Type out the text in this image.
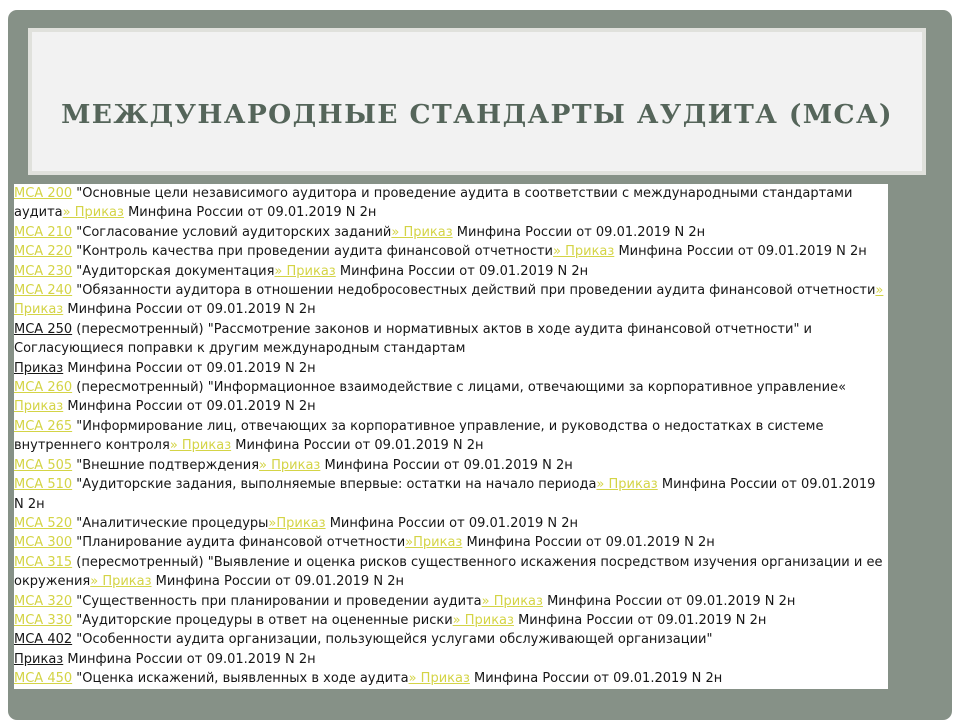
МЕЖДУНАРОДНЫЕ СТАНДАРТЫ АУДИТА (МСА)
МСА 200 "Основные цели независимого аудитора и проведение аудита в соответствии с международными стандартами аудита» Приказ Минфина России от 09.01.2019 N 2н
МСА 210 "Согласование условий аудиторских заданий» Приказ Минфина России от 09.01.2019 N 2н
МСА 220 "Контроль качества при проведении аудита финансовой отчетности» Приказ Минфина России от 09.01.2019 N 2н
МСА 230 "Аудиторская документация» Приказ Минфина России от 09.01.2019 N 2н
МСА 240 "Обязанности аудитора в отношении недобросовестных действий при проведении аудита финансовой отчетности» Приказ Минфина России от 09.01.2019 N 2н
МСА 250 (пересмотренный) "Рассмотрение законов и нормативных актов в ходе аудита финансовой отчетности" и Согласующиеся поправки к другим международным стандартам
Приказ Минфина России от 09.01.2019 N 2н
МСА 260 (пересмотренный) "Информационное взаимодействие с лицами, отвечающими за корпоративное управление« Приказ Минфина России от 09.01.2019 N 2н
МСА 265 "Информирование лиц, отвечающих за корпоративное управление, и руководства о недостатках в системе внутреннего контроля» Приказ Минфина России от 09.01.2019 N 2н
МСА 505 "Внешние подтверждения» Приказ Минфина России от 09.01.2019 N 2н
МСА 510 "Аудиторские задания, выполняемые впервые: остатки на начало периода» Приказ Минфина России от 09.01.2019 N 2н
МСА 520 "Аналитические процедуры»Приказ Минфина России от 09.01.2019 N 2н
МСА 300 "Планирование аудита финансовой отчетности»Приказ Минфина России от 09.01.2019 N 2н
МСА 315 (пересмотренный) "Выявление и оценка рисков существенного искажения посредством изучения организации и ее окружения» Приказ Минфина России от 09.01.2019 N 2н
МСА 320 "Существенность при планировании и проведении аудита» Приказ Минфина России от 09.01.2019 N 2н
МСА 330 "Аудиторские процедуры в ответ на оцененные риски» Приказ Минфина России от 09.01.2019 N 2н
МСА 402 "Особенности аудита организации, пользующейся услугами обслуживающей организации"
Приказ Минфина России от 09.01.2019 N 2н
МСА 450 "Оценка искажений, выявленных в ходе аудита» Приказ Минфина России от 09.01.2019 N 2н
